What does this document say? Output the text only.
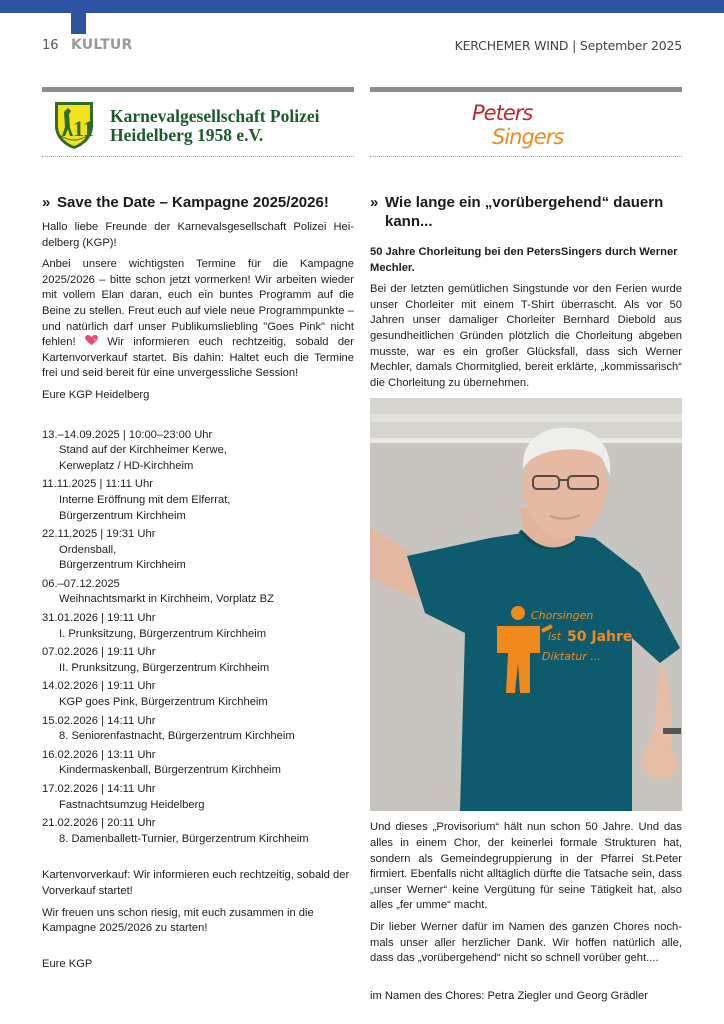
16 KULTUR	KERCHEMER WIND | September 2025
11 Karnevalgesellschaft Polizei
Heidelberg 1958 e.V.
» Save the Date – Kampagne 2025/2026!

Hallo liebe Freunde der Karnevalsgesellschaft Polizei Heidelberg (KGP)!

Anbei unsere wichtigsten Termine für die Kampagne 2025/2026 – bitte schon jetzt vormerken! Wir arbeiten wieder mit vollem Elan daran, euch ein buntes Programm auf die Beine zu stellen. Freut euch auf viele neue Programmpunkte – und natürlich darf unser Publikumsliebling "Goes Pink" nicht fehlen!	Wir informieren euch rechtzeitig, sobald der Kartenvorverkauf startet. Bis dahin: Haltet euch die Termine frei und seid bereit für eine unvergessliche Session!

Eure KGP Heidelberg

13.–14.09.2025 | 10:00–23:00 Uhr
Stand auf der Kirchheimer Kerwe,
Kerweplatz / HD-Kirchheim
11.11.2025 | 11:11 Uhr
Interne Eröffnung mit dem Elferrat,
Bürgerzentrum Kirchheim
22.11.2025 | 19:31 Uhr
Ordensball,
Bürgerzentrum Kirchheim
06.–07.12.2025
Weihnachtsmarkt in Kirchheim, Vorplatz BZ
31.01.2026 | 19:11 Uhr
I. Prunksitzung, Bürgerzentrum Kirchheim
07.02.2026 | 19:11 Uhr
II. Prunksitzung, Bürgerzentrum Kirchheim
14.02.2026 | 19:11 Uhr
KGP goes Pink, Bürgerzentrum Kirchheim
15.02.2026 | 14:11 Uhr
8. Seniorenfastnacht, Bürgerzentrum Kirchheim
16.02.2026 | 13:11 Uhr
Kindermaskenball, Bürgerzentrum Kirchheim
17.02.2026 | 14:11 Uhr
Fastnachtsumzug Heidelberg
21.02.2026 | 20:11 Uhr
8. Damenballett-Turnier, Bürgerzentrum Kirchheim

Kartenvorverkauf: Wir informieren euch rechtzeitig, sobald der Vorverkauf startet!

Wir freuen uns schon riesig, mit euch zusammen in die Kampagne 2025/2026 zu starten!

Eure KGP

Peters
Singers
» Wie lange ein „vorübergehend“ dauern kann...

50 Jahre Chorleitung bei den PetersSingers durch Werner Mechler.

Bei der letzten gemütlichen Singstunde vor den Ferien wurde unser Chorleiter mit einem T-Shirt überrascht. Als vor 50 Jahren unser damaliger Chorleiter Bernhard Diebold aus gesundheitlichen Gründen plötzlich die Chorleitung abgeben musste, war es ein großer Glücksfall, dass sich Werner Mechler, damals Chormitglied, bereit erklärte, „kommissarisch“ die Chorleitung zu übernehmen.

Chorsingen
ist 50 Jahre
Diktatur ...

Und dieses „Provisorium“ hält nun schon 50 Jahre. Und das alles in einem Chor, der keinerlei formale Strukturen hat, sondern als Gemeindegruppierung in der Pfarrei St.Peter firmiert. Ebenfalls nicht alltäglich dürfte die Tatsache sein, dass „unser Werner“ keine Vergütung für seine Tätigkeit hat, also alles „fer umme“ macht.

Dir lieber Werner dafür im Namen des ganzen Chores nochmals unser aller herzlicher Dank. Wir hoffen natürlich alle, dass das „vorübergehend“ nicht so schnell vorüber geht....

im Namen des Chores: Petra Ziegler und Georg Grädler
